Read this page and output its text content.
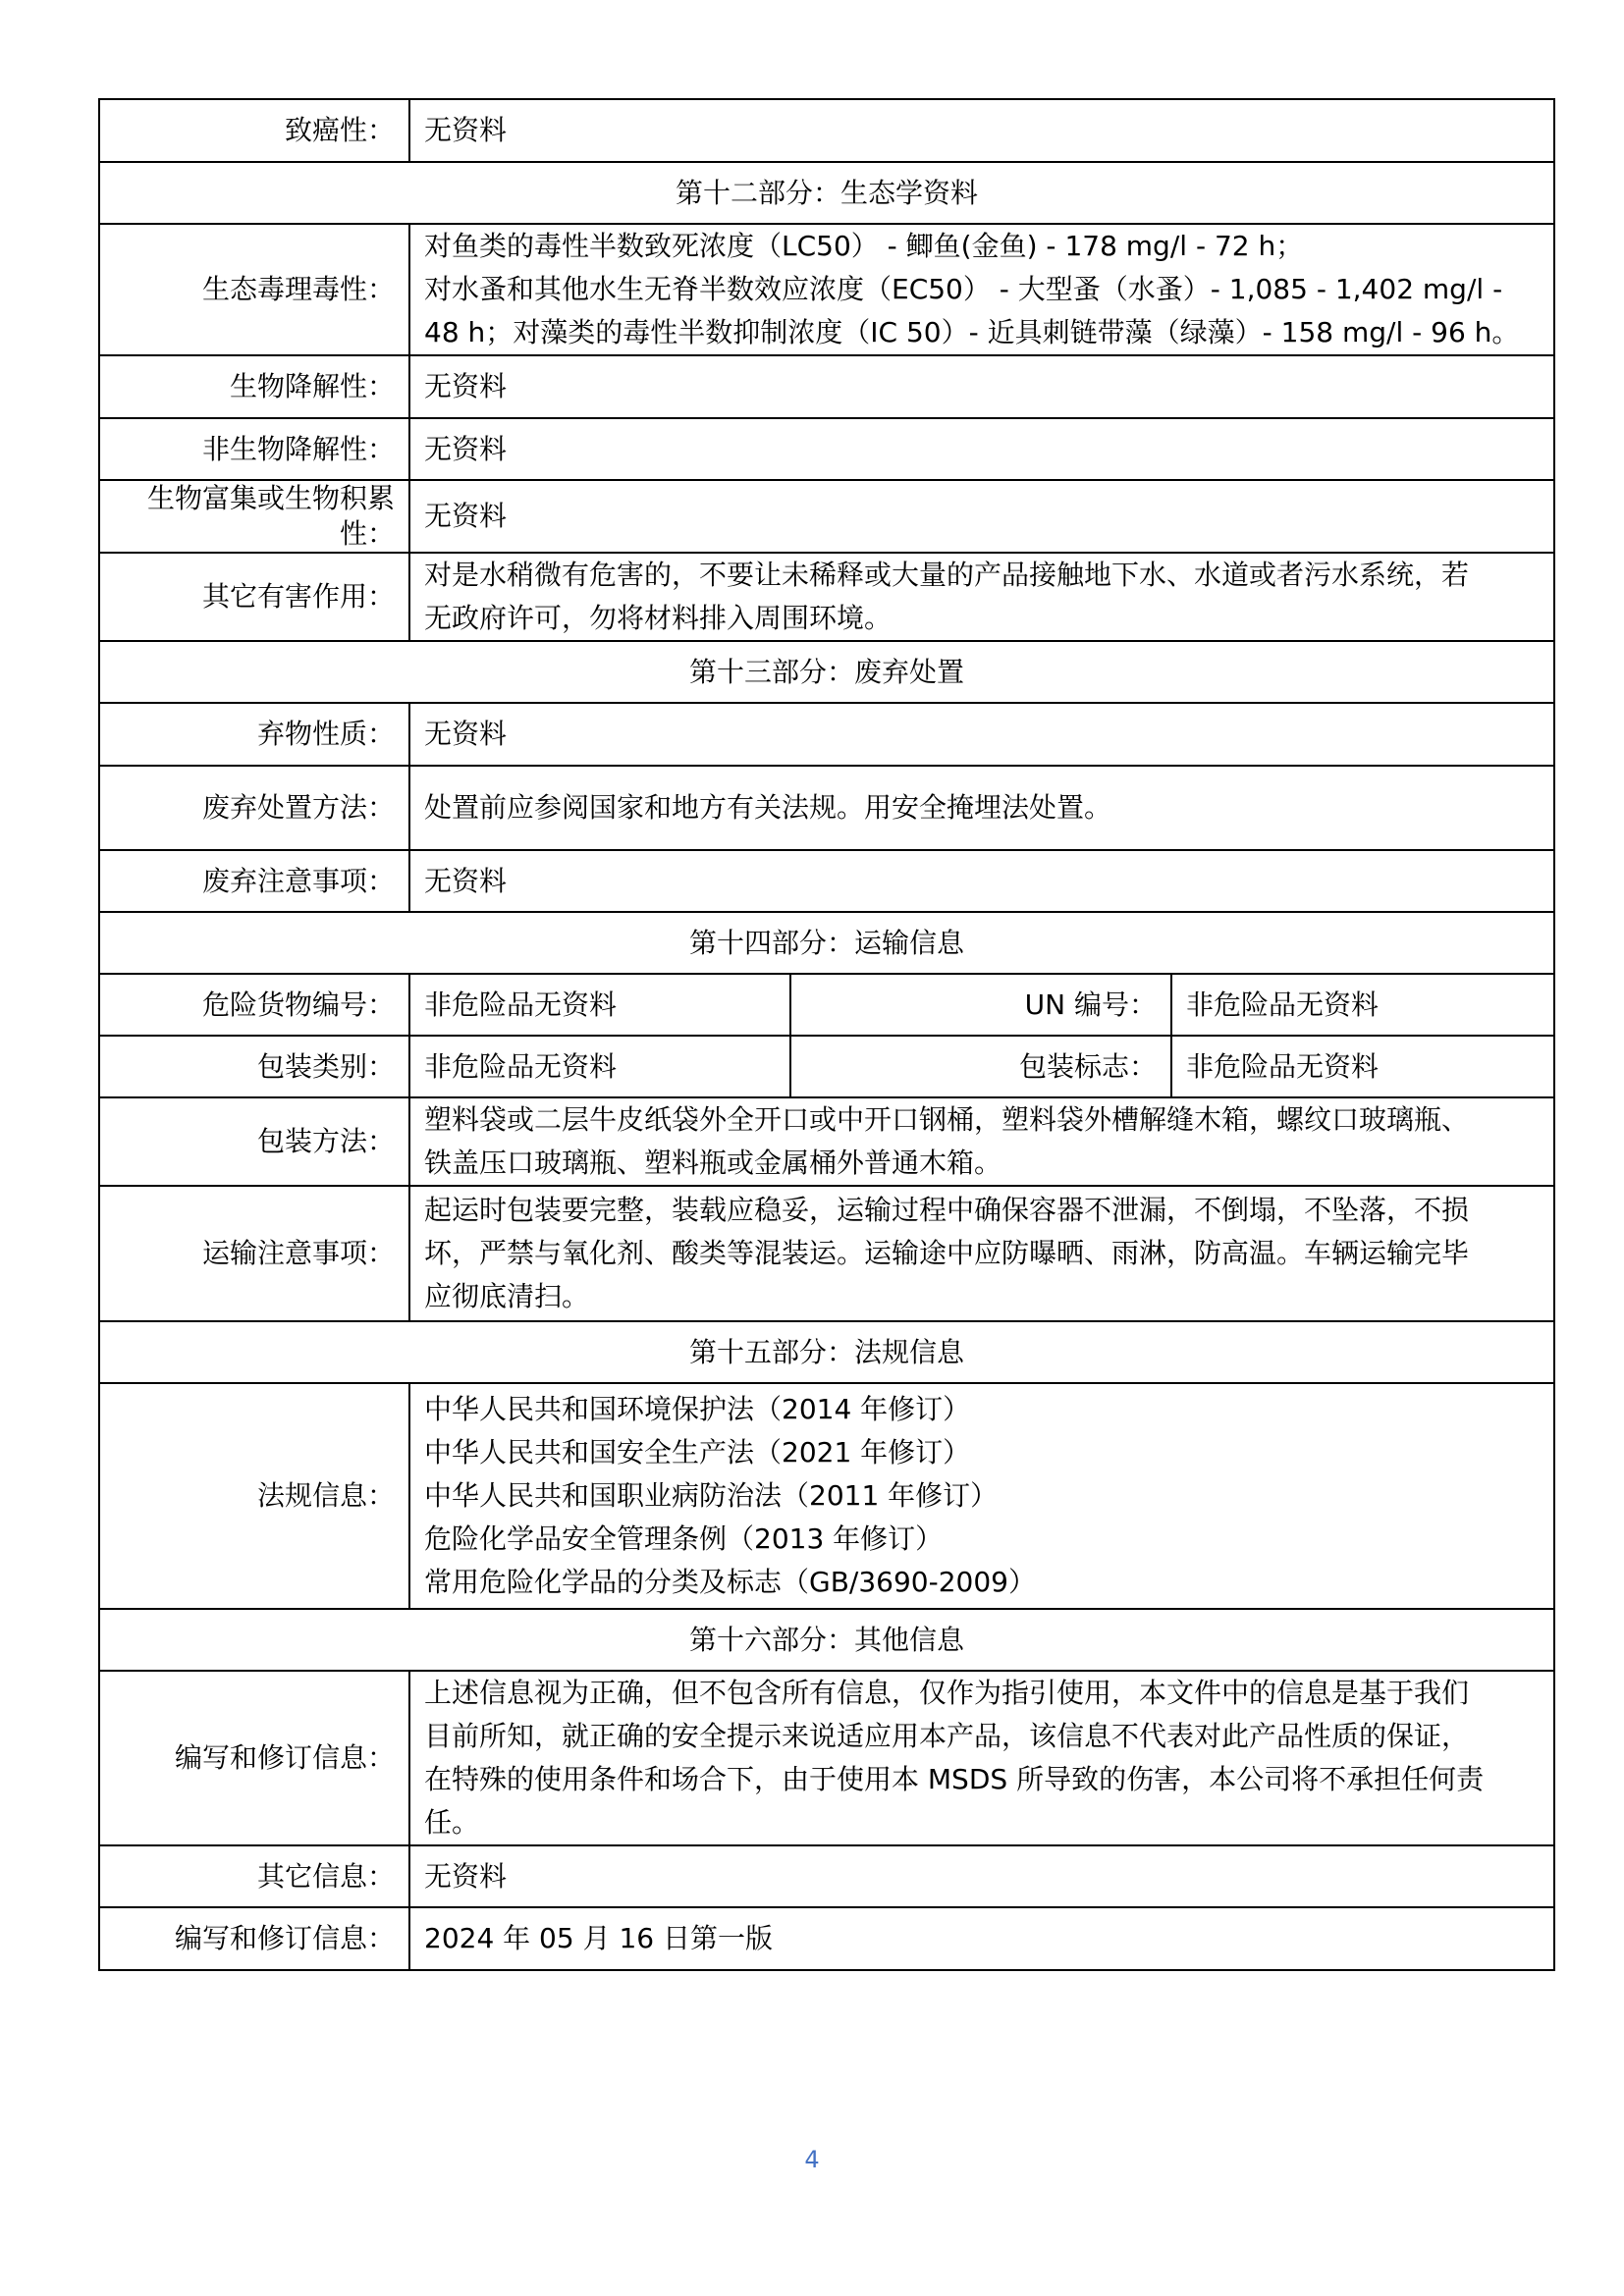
致癌性：	无资料		
第十二部分：生态学资料			
生态毒理毒性：	对鱼类的毒性半数致死浓度（LC50） - 鲫鱼(金鱼) - 178 mg/l - 72 h；
对水蚤和其他水生无脊半数效应浓度（EC50） - 大型蚤（水蚤）- 1,085 - 1,402 mg/l -
48 h；对藻类的毒性半数抑制浓度（IC 50）- 近具刺链带藻（绿藻）- 158 mg/l - 96 h。		

生物降解性：	无资料		
非生物降解性：	无资料		
生物富集或生物积累性：	无资料		
其它有害作用：	对是水稍微有危害的，不要让未稀释或大量的产品接触地下水、水道或者污水系统，若
无政府许可，勿将材料排入周围环境。		

第十三部分：废弃处置			
弃物性质：	无资料		
废弃处置方法：	处置前应参阅国家和地方有关法规。用安全掩埋法处置。		
废弃注意事项：	无资料		
第十四部分：运输信息			
危险货物编号：	非危险品无资料	UN 编号：	非危险品无资料
包装类别：	非危险品无资料	包装标志：	非危险品无资料
包装方法：	塑料袋或二层牛皮纸袋外全开口或中开口钢桶，塑料袋外槽解缝木箱，螺纹口玻璃瓶、
铁盖压口玻璃瓶、塑料瓶或金属桶外普通木箱。		

运输注意事项：	起运时包装要完整，装载应稳妥，运输过程中确保容器不泄漏，不倒塌，不坠落，不损
坏，严禁与氧化剂、酸类等混装运。运输途中应防曝晒、雨淋，防高温。车辆运输完毕
应彻底清扫。		

第十五部分：法规信息			
法规信息：	中华人民共和国环境保护法（2014 年修订）
中华人民共和国安全生产法（2021 年修订）
中华人民共和国职业病防治法（2011 年修订）
危险化学品安全管理条例（2013 年修订）
常用危险化学品的分类及标志（GB/3690-2009）		

第十六部分：其他信息			
编写和修订信息：	上述信息视为正确，但不包含所有信息，仅作为指引使用，本文件中的信息是基于我们
目前所知，就正确的安全提示来说适应用本产品，该信息不代表对此产品性质的保证，
在特殊的使用条件和场合下，由于使用本 MSDS 所导致的伤害，本公司将不承担任何责
任。		

其它信息：	无资料		
编写和修订信息：	2024 年 05 月 16 日第一版		
4
